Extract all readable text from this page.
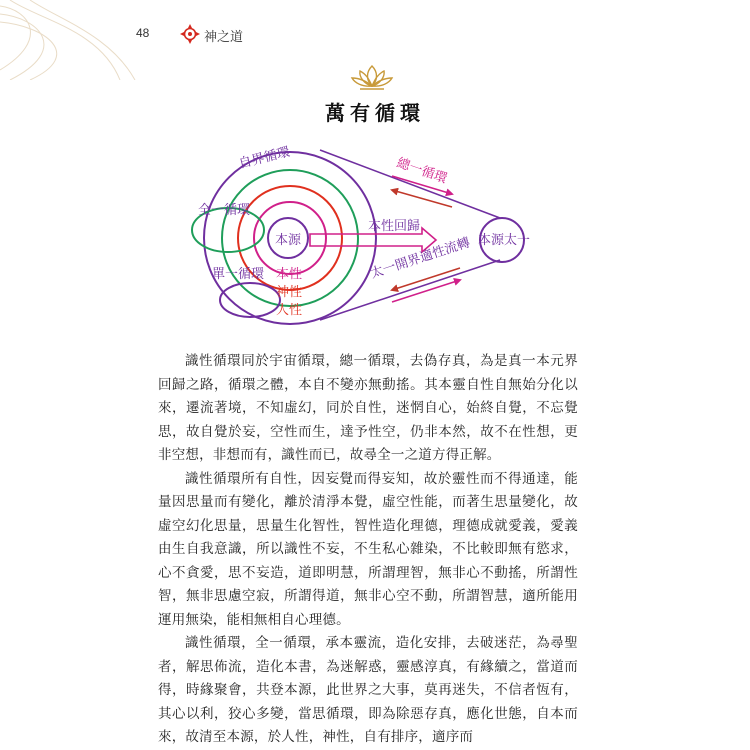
48	神之道
萬有循環
自界循環
全一循環
單一循環
總一循環
本源
本性
神性
人性
本性回歸
本源太一
太一開界適性流轉

識性循環同於宇宙循環，總一循環，去偽存真，為是真一本元界回歸之路，循環之體，本自不變亦無動搖。其本靈自性自無始分化以來，遷流著境，不知虛幻，同於自性，迷惘自心，始終自覺，不忘覺思，故自覺於妄，空性而生，達予性空，仍非本然，故不在性想，更非空想，非想而有，識性而已，故尋全一之道方得正解。

識性循環所有自性，因妄覺而得妄知，故於靈性而不得通達，能量因思量而有變化，離於清淨本覺，虛空性能，而著生思量變化，故虛空幻化思量，思量生化智性，智性造化理德，理德成就愛義，愛義由生自我意識，所以識性不妄，不生私心雜染，不比較即無有慾求，心不貪愛，思不妄造，道即明慧，所謂理智，無非心不動搖，所謂性智，無非思慮空寂，所謂得道，無非心空不動，所謂智慧，適所能用運用無染，能相無相自心理德。

識性循環，全一循環，承本靈流，造化安排，去破迷茫，為尋聖者，解思佈流，造化本書，為迷解惑，靈感淳真，有緣續之，當道而得，時緣聚會，共登本源，此世界之大事，莫再迷失，不信者恆有，其心以利，狡心多變，當思循環，即為除惡存真，應化世態，自本而來，故清至本源，於人性，神性，自有排序，適序而
